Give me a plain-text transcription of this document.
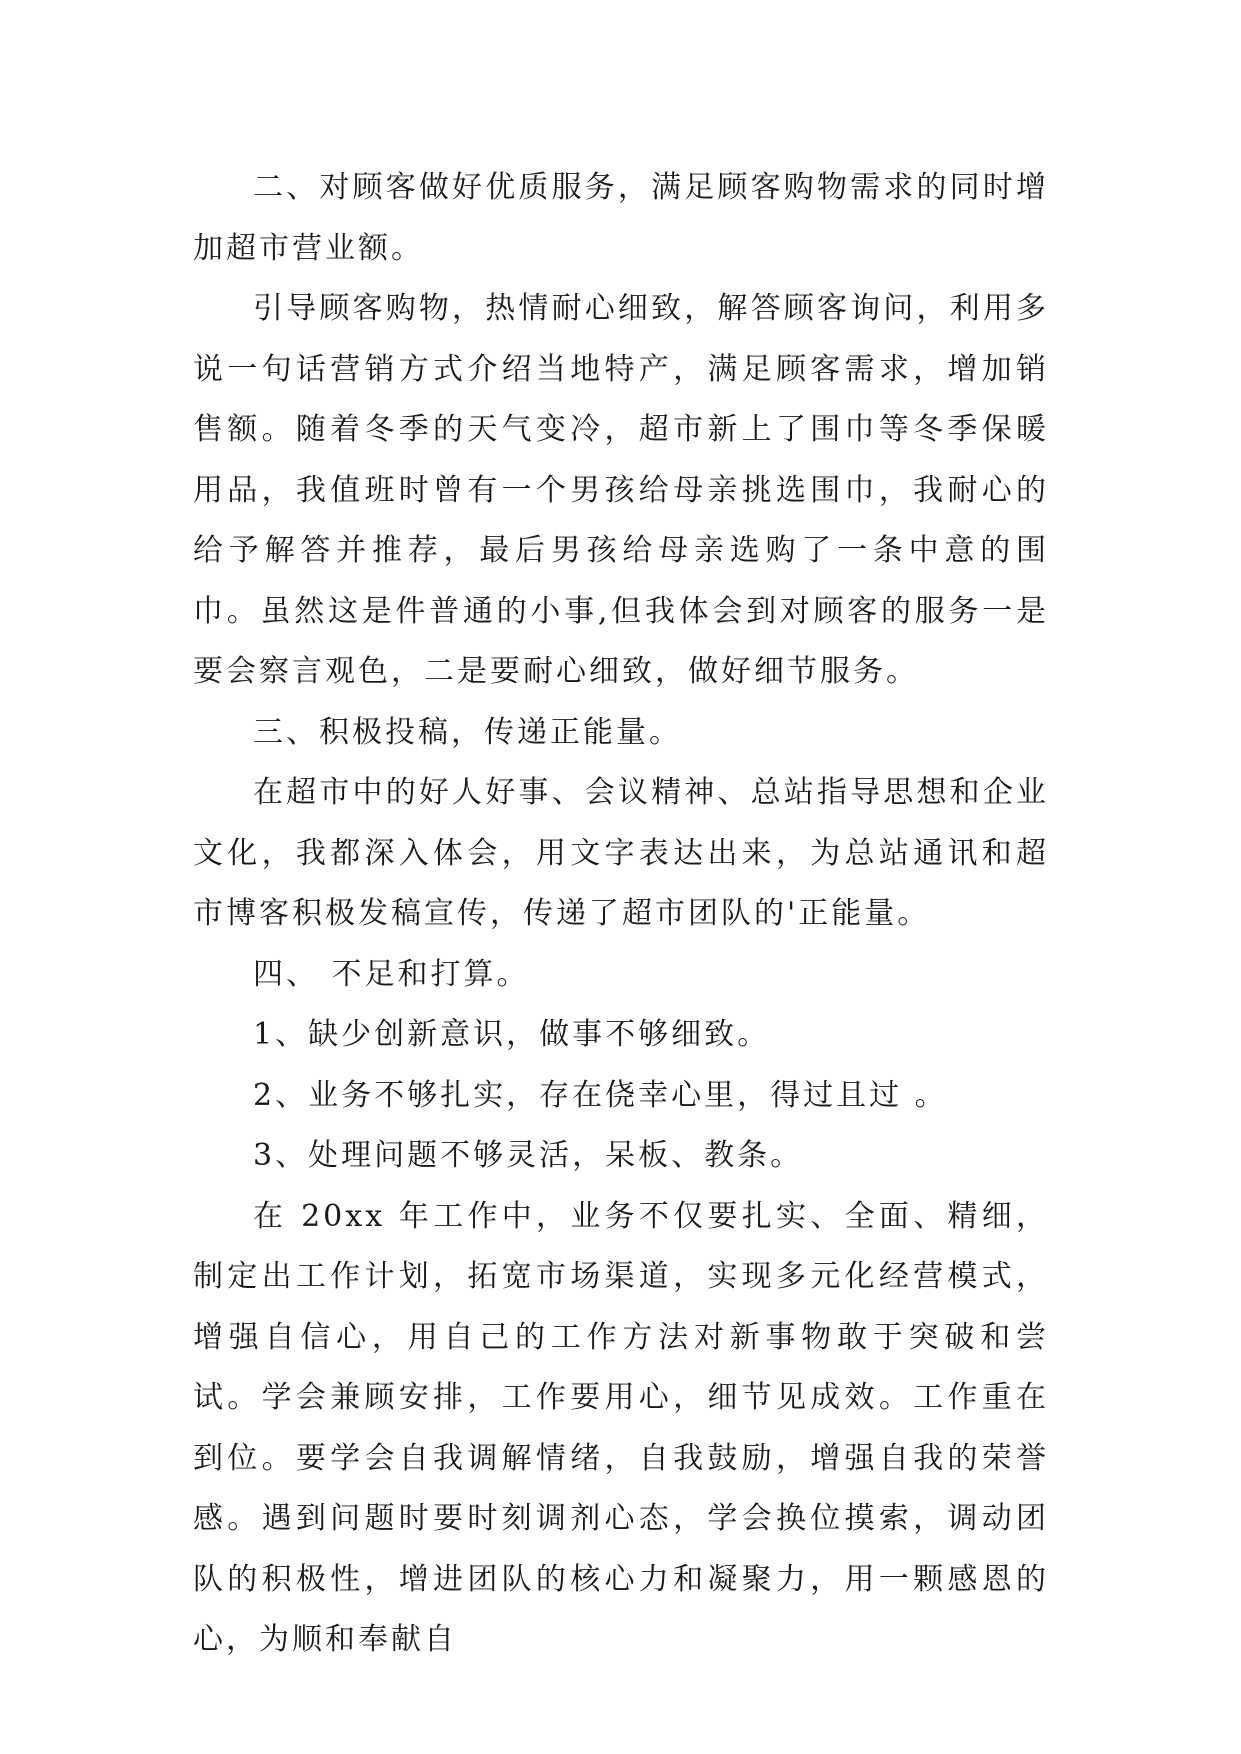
二、对顾客做好优质服务，满足顾客购物需求的同时增加超市营业额。

引导顾客购物，热情耐心细致，解答顾客询问，利用多说一句话营销方式介绍当地特产，满足顾客需求，增加销售额。随着冬季的天气变冷，超市新上了围巾等冬季保暖用品，我值班时曾有一个男孩给母亲挑选围巾，我耐心的给予解答并推荐，最后男孩给母亲选购了一条中意的围巾。虽然这是件普通的小事,但我体会到对顾客的服务一是要会察言观色，二是要耐心细致，做好细节服务。

三、积极投稿，传递正能量。

在超市中的好人好事、会议精神、总站指导思想和企业文化，我都深入体会，用文字表达出来，为总站通讯和超市博客积极发稿宣传，传递了超市团队的'正能量。

四、 不足和打算。

1、缺少创新意识，做事不够细致。

2、业务不够扎实，存在侥幸心里，得过且过 。

3、处理问题不够灵活，呆板、教条。

在 20xx 年工作中，业务不仅要扎实、全面、精细，制定出工作计划，拓宽市场渠道，实现多元化经营模式，增强自信心，用自己的工作方法对新事物敢于突破和尝试。学会兼顾安排，工作要用心，细节见成效。工作重在到位。要学会自我调解情绪，自我鼓励，增强自我的荣誉感。遇到问题时要时刻调剂心态，学会换位摸索，调动团队的积极性，增进团队的核心力和凝聚力，用一颗感恩的心，为顺和奉献自
